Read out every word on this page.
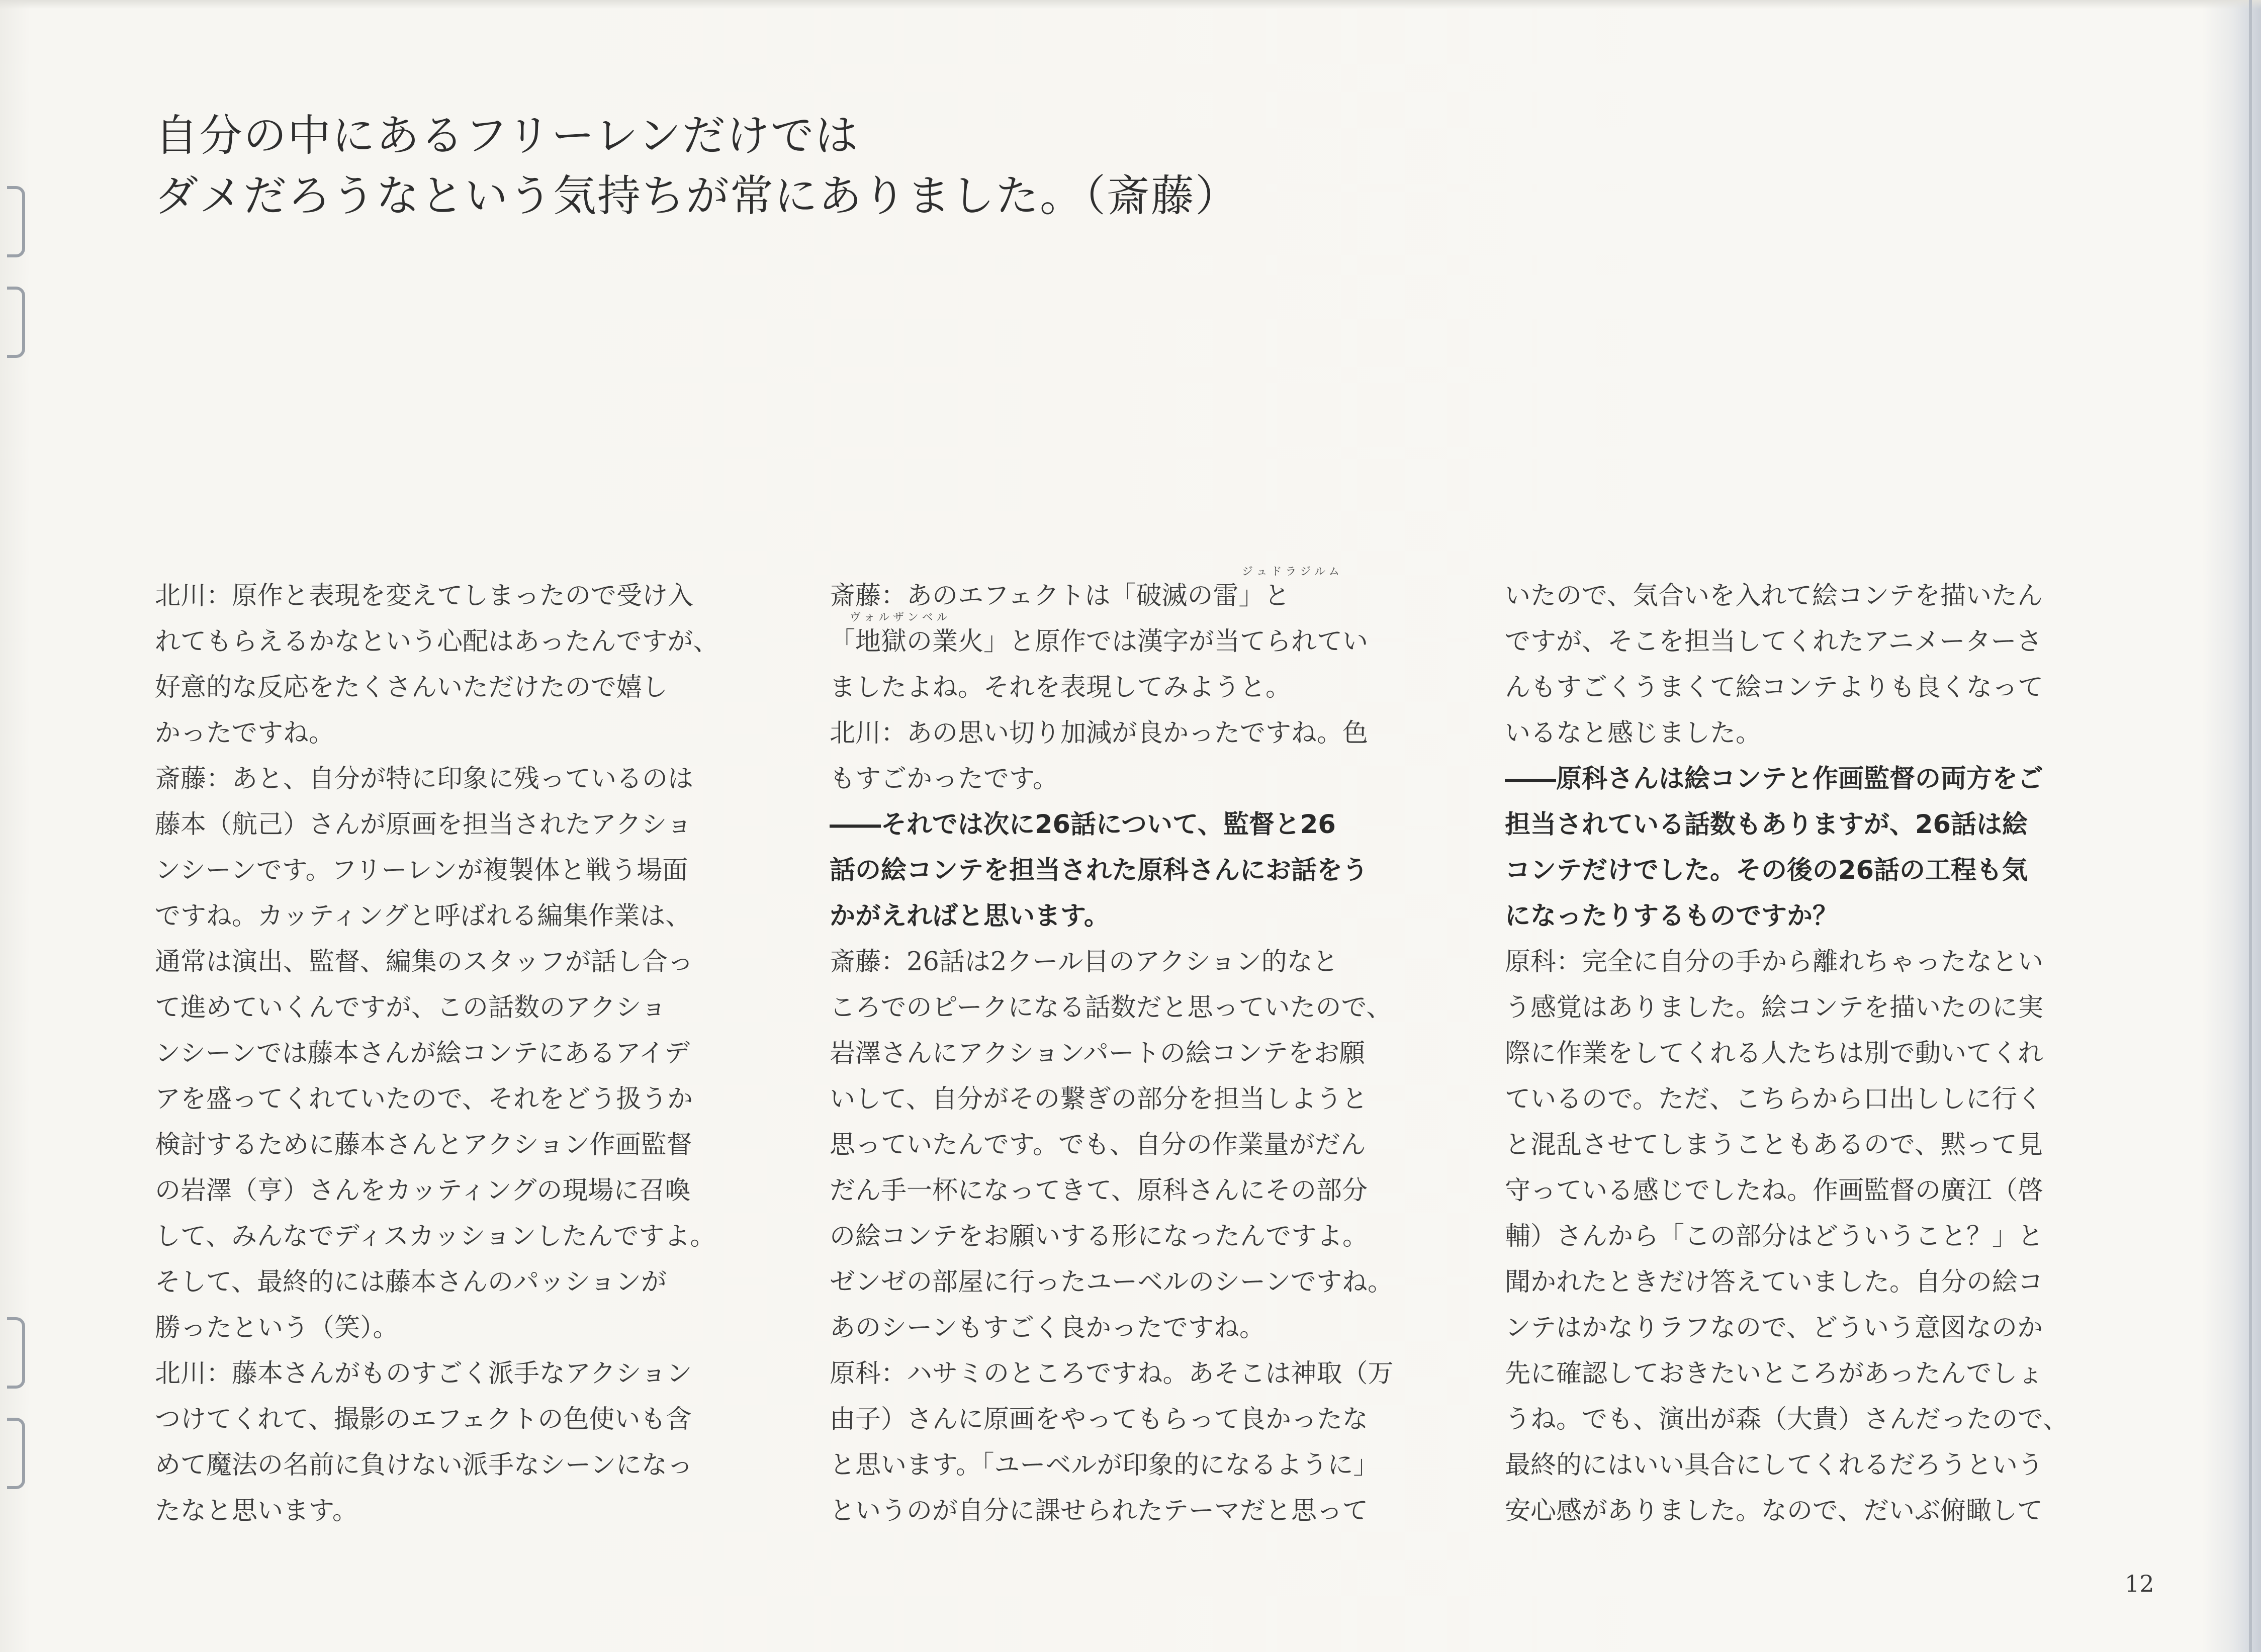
自分の中にあるフリーレンだけでは
ダメだろうなという気持ちが常にありました。（斎藤）
北川：原作と表現を変えてしまったので受け入
れてもらえるかなという心配はあったんですが、
好意的な反応をたくさんいただけたので嬉し
かったですね。
斎藤：あと、自分が特に印象に残っているのは
藤本（航己）さんが原画を担当されたアクショ
ンシーンです。フリーレンが複製体と戦う場面
ですね。カッティングと呼ばれる編集作業は、
通常は演出、監督、編集のスタッフが話し合っ
て進めていくんですが、この話数のアクショ
ンシーンでは藤本さんが絵コンテにあるアイデ
アを盛ってくれていたので、それをどう扱うか
検討するために藤本さんとアクション作画監督
の岩澤（亨）さんをカッティングの現場に召喚
して、みんなでディスカッションしたんですよ。
そして、最終的には藤本さんのパッションが
勝ったという（笑）。
北川：藤本さんがものすごく派手なアクション
つけてくれて、撮影のエフェクトの色使いも含
めて魔法の名前に負けない派手なシーンになっ
たなと思います。
斎藤：あのエフェクトは「破滅の雷」と
「地獄の業火」と原作では漢字が当てられてい
ましたよね。それを表現してみようと。
北川：あの思い切り加減が良かったですね。色
もすごかったです。
――それでは次に26話について、監督と26
話の絵コンテを担当された原科さんにお話をう
かがえればと思います。
斎藤：26話は2クール目のアクション的なと
ころでのピークになる話数だと思っていたので、
岩澤さんにアクションパートの絵コンテをお願
いして、自分がその繋ぎの部分を担当しようと
思っていたんです。でも、自分の作業量がだん
だん手一杯になってきて、原科さんにその部分
の絵コンテをお願いする形になったんですよ。
ゼンゼの部屋に行ったユーベルのシーンですね。
あのシーンもすごく良かったですね。
原科：ハサミのところですね。あそこは神取（万
由子）さんに原画をやってもらって良かったな
と思います。「ユーベルが印象的になるように」
というのが自分に課せられたテーマだと思って
ジュドラジルム
ヴォルザンベル
いたので、気合いを入れて絵コンテを描いたん
ですが、そこを担当してくれたアニメーターさ
んもすごくうまくて絵コンテよりも良くなって
いるなと感じました。
――原科さんは絵コンテと作画監督の両方をご
担当されている話数もありますが、26話は絵
コンテだけでした。その後の26話の工程も気
になったりするものですか？
原科：完全に自分の手から離れちゃったなとい
う感覚はありました。絵コンテを描いたのに実
際に作業をしてくれる人たちは別で動いてくれ
ているので。ただ、こちらから口出ししに行く
と混乱させてしまうこともあるので、黙って見
守っている感じでしたね。作画監督の廣江（啓
輔）さんから「この部分はどういうこと？」と
聞かれたときだけ答えていました。自分の絵コ
ンテはかなりラフなので、どういう意図なのか
先に確認しておきたいところがあったんでしょ
うね。でも、演出が森（大貴）さんだったので、
最終的にはいい具合にしてくれるだろうという
安心感がありました。なので、だいぶ俯瞰して
12
